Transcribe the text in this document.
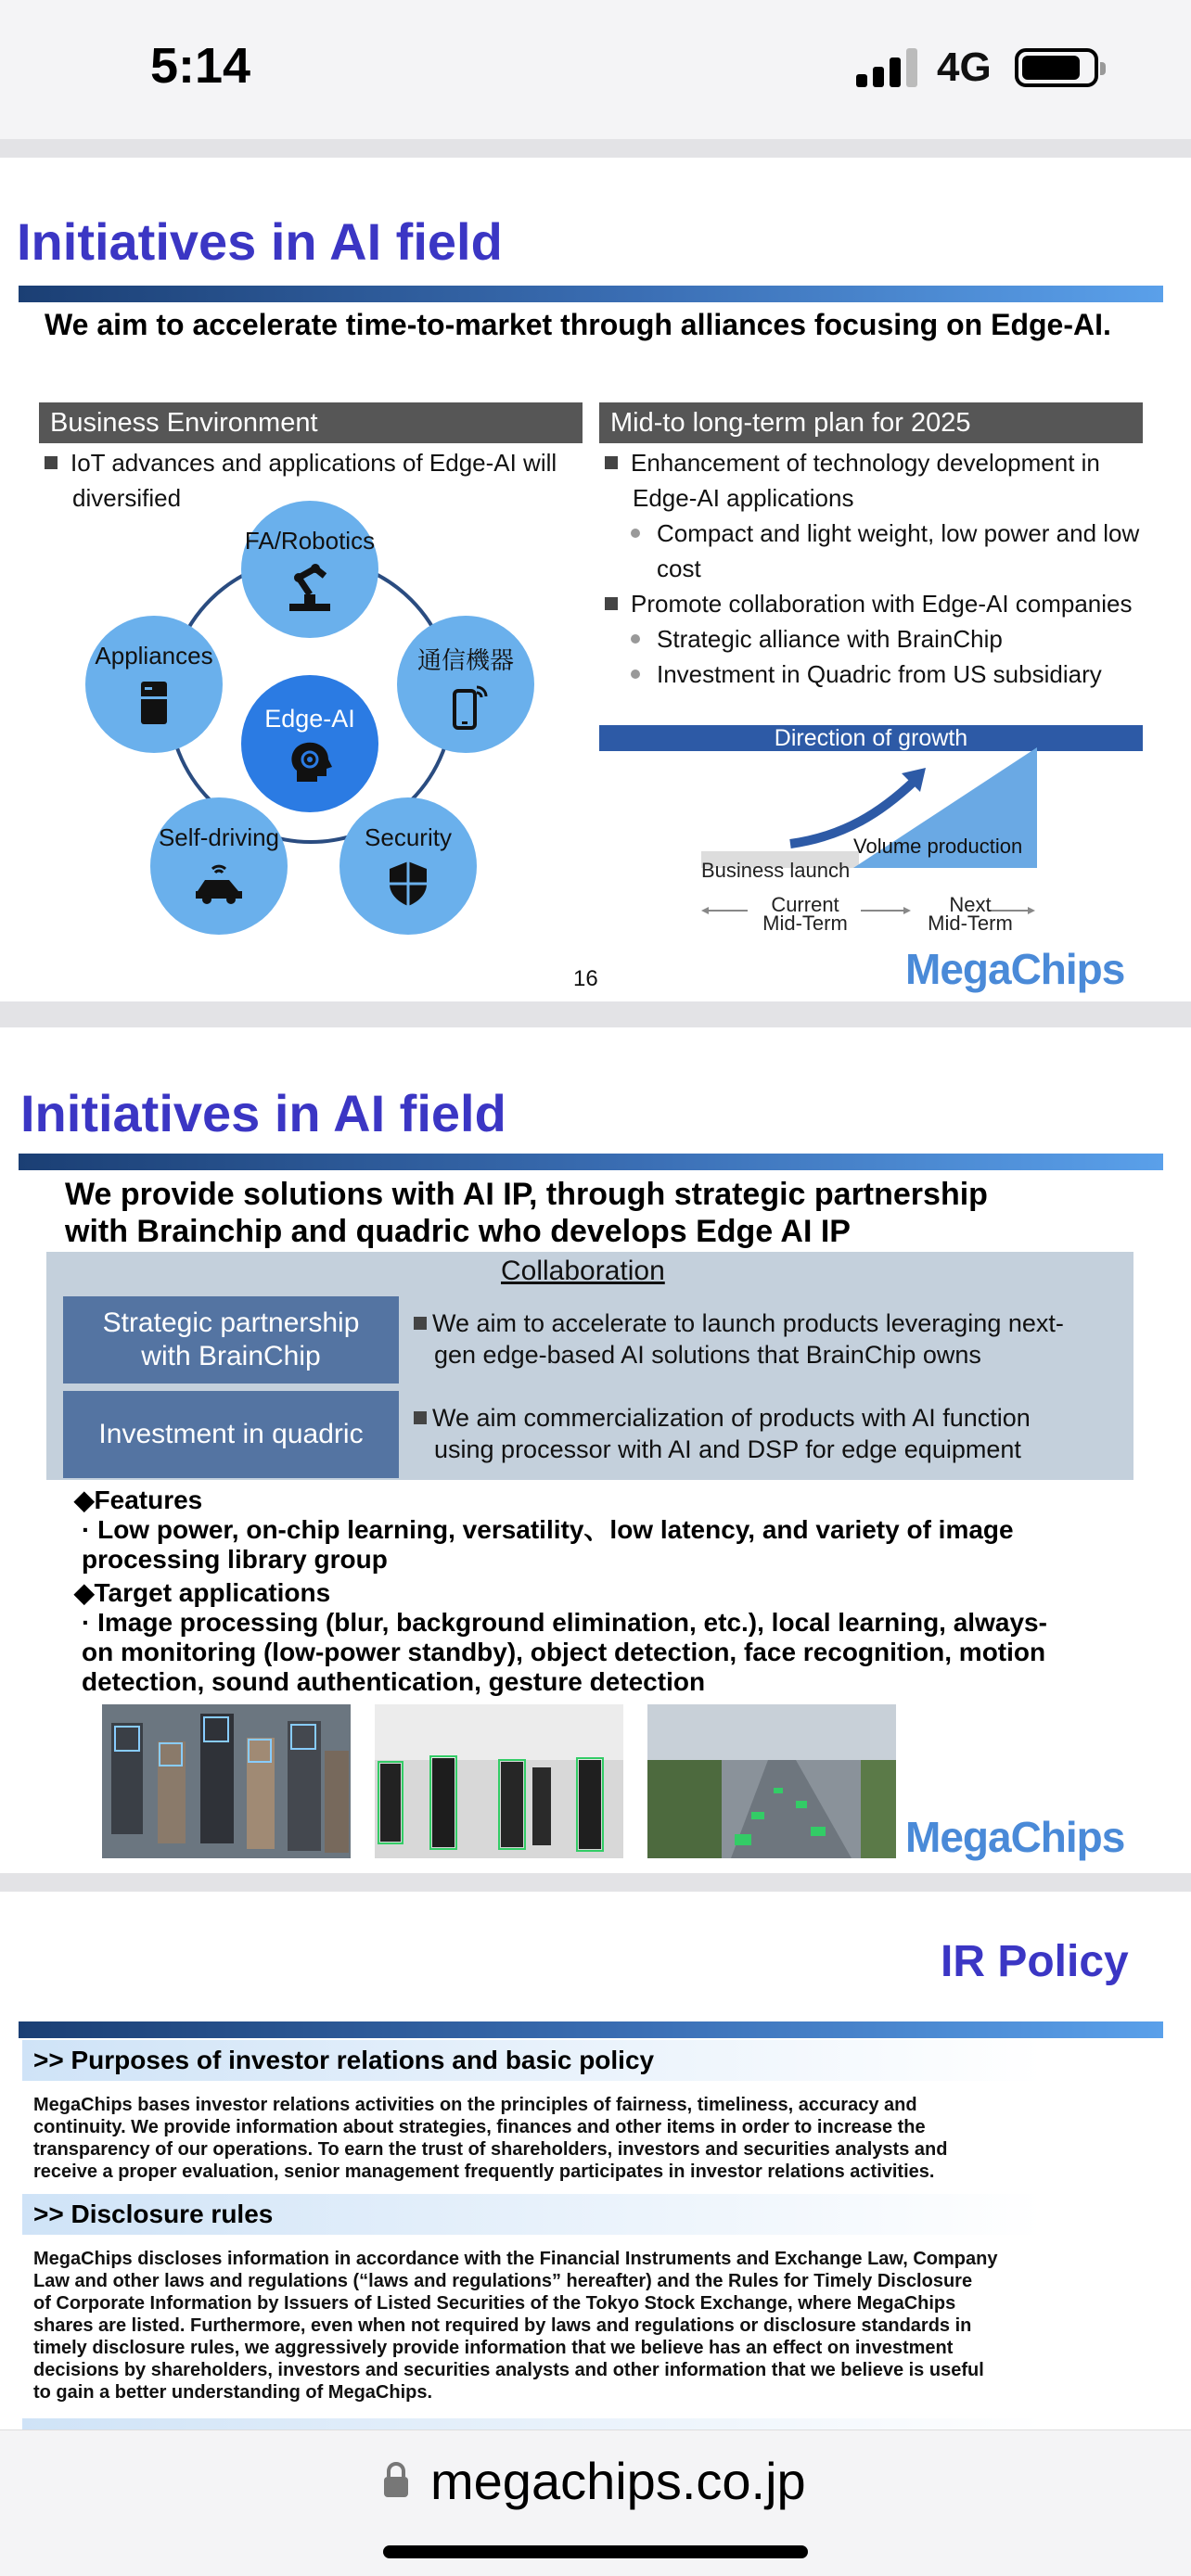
5:14	4G
Initiatives in AI field
We aim to accelerate time-to-market through alliances focusing on Edge-AI.
Business Environment
IoT advances and applications of Edge-AI will
diversified
FA/Robotics
通信機器
Security
Self-driving
Appliances
Edge-AI
Mid-to long-term plan for 2025
Enhancement of technology development in
Edge-AI applications
Compact and light weight, low power and low
cost
Promote collaboration with Edge-AI companies
Strategic alliance with BrainChip
Investment in Quadric from US subsidiary
Direction of growth
Business launch
Volume production
Current
Mid-Term
Next
Mid-Term
16	MegaChips
Initiatives in AI field
We provide solutions with AI IP, through strategic partnership
with Brainchip and quadric who develops Edge AI IP
Collaboration
Strategic partnership
with BrainChip
We aim to accelerate to launch products leveraging next-
gen edge-based AI solutions that BrainChip owns
Investment in quadric
We aim commercialization of products with AI function
using processor with AI and DSP for edge equipment
◆Features
· Low power, on-chip learning, versatility、low latency, and variety of image
processing library group
◆Target applications
· Image processing (blur, background elimination, etc.), local learning, always-
on monitoring (low-power standby), object detection, face recognition, motion
detection, sound authentication, gesture detection
MegaChips
IR Policy
>> Purposes of investor relations and basic policy
MegaChips bases investor relations activities on the principles of fairness, timeliness, accuracy and
continuity. We provide information about strategies, finances and other items in order to increase the
transparency of our operations. To earn the trust of shareholders, investors and securities analysts and
receive a proper evaluation, senior management frequently participates in investor relations activities.
>> Disclosure rules
MegaChips discloses information in accordance with the Financial Instruments and Exchange Law, Company
Law and other laws and regulations (“laws and regulations” hereafter) and the Rules for Timely Disclosure
of Corporate Information by Issuers of Listed Securities of the Tokyo Stock Exchange, where MegaChips
shares are listed. Furthermore, even when not required by laws and regulations or disclosure standards in
timely disclosure rules, we aggressively provide information that we believe has an effect on investment
decisions by shareholders, investors and securities analysts and other information that we believe is useful
to gain a better understanding of MegaChips.
megachips.co.jp
